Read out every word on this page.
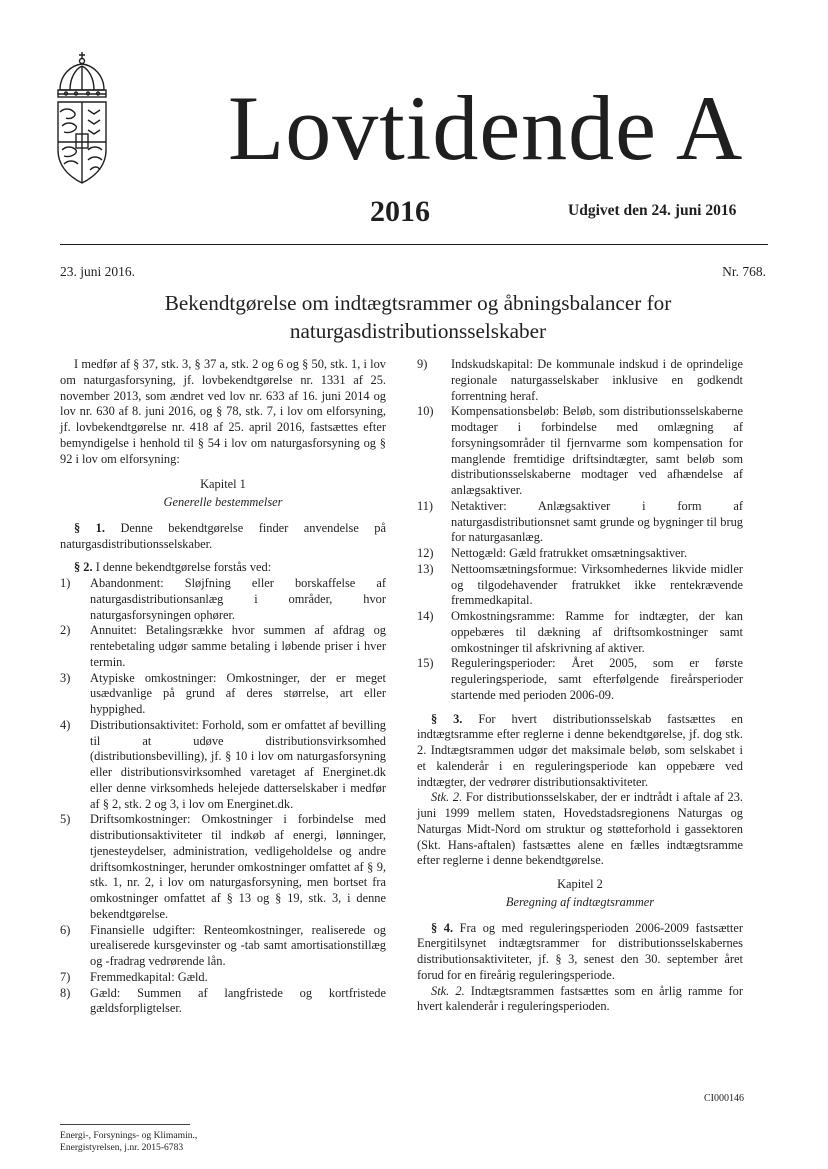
Lovtidende A
2016	Udgivet den 24. juni 2016
23. juni 2016.	Nr. 768.
Bekendtgørelse om indtægtsrammer og åbningsbalancer for
naturgasdistributionsselskaber

I medfør af § 37, stk. 3, § 37 a, stk. 2 og 6 og § 50, stk. 1, i lov om naturgasforsyning, jf. lovbekendtgørelse nr. 1331 af 25. november 2013, som ændret ved lov nr. 633 af 16. juni 2014 og lov nr. 630 af 8. juni 2016, og § 78, stk. 7, i lov om elforsyning, jf. lovbekendtgørelse nr. 418 af 25. april 2016, fastsættes efter bemyndigelse i henhold til § 54 i lov om naturgasforsyning og § 92 i lov om elforsyning:

Kapitel 1
Generelle bestemmelser

§ 1. Denne bekendtgørelse finder anvendelse på naturgasdistributionsselskaber.

§ 2. I denne bekendtgørelse forstås ved:

1)	Abandonment: Sløjfning eller borskaffelse af naturgasdistributionsanlæg i områder, hvor naturgasforsyningen ophører.
2)	Annuitet: Betalingsrække hvor summen af afdrag og rentebetaling udgør samme betaling i løbende priser i hver termin.
3)	Atypiske omkostninger: Omkostninger, der er meget usædvanlige på grund af deres størrelse, art eller hyppighed.
4)	Distributionsaktivitet: Forhold, som er omfattet af bevilling til at udøve distributionsvirksomhed (distributionsbevilling), jf. § 10 i lov om naturgasforsyning eller distributionsvirksomhed varetaget af Energinet.dk eller denne virksomheds helejede datterselskaber i medfør af § 2, stk. 2 og 3, i lov om Energinet.dk.
5)	Driftsomkostninger: Omkostninger i forbindelse med distributionsaktiviteter til indkøb af energi, lønninger, tjenesteydelser, administration, vedligeholdelse og andre driftsomkostninger, herunder omkostninger omfattet af § 9, stk. 1, nr. 2, i lov om naturgasforsyning, men bortset fra omkostninger omfattet af § 13 og § 19, stk. 3, i denne bekendtgørelse.
6)	Finansielle udgifter: Renteomkostninger, realiserede og urealiserede kursgevinster og -tab samt amortisationstillæg og -fradrag vedrørende lån.
7)	Fremmedkapital: Gæld.
8)	Gæld: Summen af langfristede og kortfristede gældsforpligtelser.
9)	Indskudskapital: De kommunale indskud i de oprindelige regionale naturgasselskaber inklusive en godkendt forrentning heraf.
10)	Kompensationsbeløb: Beløb, som distributionsselskaberne modtager i forbindelse med omlægning af forsyningsområder til fjernvarme som kompensation for manglende fremtidige driftsindtægter, samt beløb som distributionsselskaberne modtager ved afhændelse af anlægsaktiver.
11)	Netaktiver: Anlægsaktiver i form af naturgasdistributionsnet samt grunde og bygninger til brug for naturgasanlæg.
12)	Nettogæld: Gæld fratrukket omsætningsaktiver.
13)	Nettoomsætningsformue: Virksomhedernes likvide midler og tilgodehavender fratrukket ikke rentekrævende fremmedkapital.
14)	Omkostningsramme: Ramme for indtægter, der kan oppebæres til dækning af driftsomkostninger samt omkostninger til afskrivning af aktiver.
15)	Reguleringsperioder: Året 2005, som er første reguleringsperiode, samt efterfølgende fireårsperioder startende med perioden 2006-09.

§ 3. For hvert distributionsselskab fastsættes en indtægtsramme efter reglerne i denne bekendtgørelse, jf. dog stk. 2. Indtægtsrammen udgør det maksimale beløb, som selskabet i et kalenderår i en reguleringsperiode kan oppebære ved indtægter, der vedrører distributionsaktiviteter.

Stk. 2. For distributionsselskaber, der er indtrådt i aftale af 23. juni 1999 mellem staten, Hovedstadsregionens Naturgas og Naturgas Midt-Nord om struktur og støtteforhold i gassektoren (Skt. Hans-aftalen) fastsættes alene en fælles indtægtsramme efter reglerne i denne bekendtgørelse.

Kapitel 2
Beregning af indtægtsrammer

§ 4. Fra og med reguleringsperioden 2006-2009 fastsætter Energitilsynet indtægtsrammer for distributionsselskabernes distributionsaktiviteter, jf. § 3, senest den 30. september året forud for en fireårig reguleringsperiode.

Stk. 2. Indtægtsrammen fastsættes som en årlig ramme for hvert kalenderår i reguleringsperioden.

CI000146
Energi-, Forsynings- og Klimamin.,
Energistyrelsen, j.nr. 2015-6783
